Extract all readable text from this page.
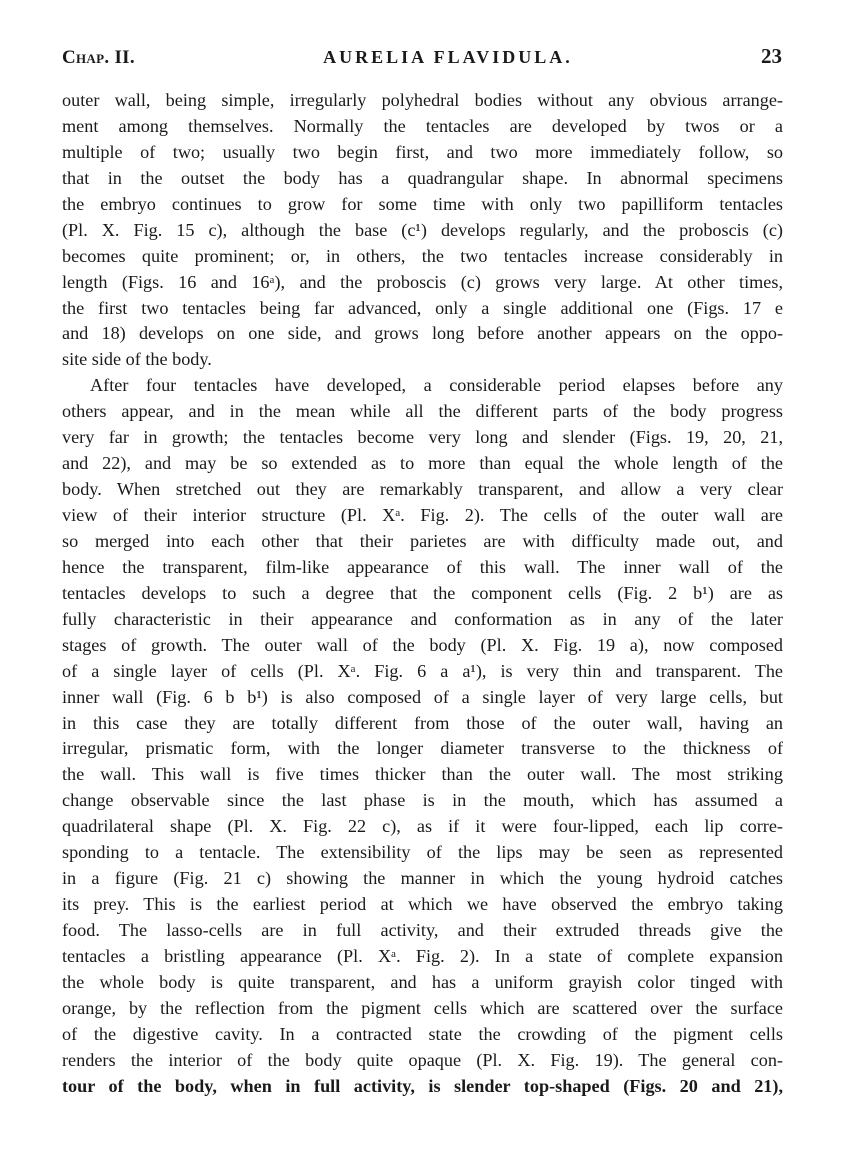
Chap. II.	AURELIA FLAVIDULA.	23
outer wall, being simple, irregularly polyhedral bodies without any obvious arrange-
ment among themselves. Normally the tentacles are developed by twos or a
multiple of two; usually two begin first, and two more immediately follow, so
that in the outset the body has a quadrangular shape. In abnormal specimens
the embryo continues to grow for some time with only two papilliform tentacles
(Pl. X. Fig. 15 c), although the base (c¹) develops regularly, and the proboscis (c)
becomes quite prominent; or, in others, the two tentacles increase considerably in
length (Figs. 16 and 16ᵃ), and the proboscis (c) grows very large. At other times,
the first two tentacles being far advanced, only a single additional one (Figs. 17 e
and 18) develops on one side, and grows long before another appears on the oppo-
site side of the body.
After four tentacles have developed, a considerable period elapses before any
others appear, and in the mean while all the different parts of the body progress
very far in growth; the tentacles become very long and slender (Figs. 19, 20, 21,
and 22), and may be so extended as to more than equal the whole length of the
body. When stretched out they are remarkably transparent, and allow a very clear
view of their interior structure (Pl. Xᵃ. Fig. 2). The cells of the outer wall are
so merged into each other that their parietes are with difficulty made out, and
hence the transparent, film-like appearance of this wall. The inner wall of the
tentacles develops to such a degree that the component cells (Fig. 2 b¹) are as
fully characteristic in their appearance and conformation as in any of the later
stages of growth. The outer wall of the body (Pl. X. Fig. 19 a), now composed
of a single layer of cells (Pl. Xᵃ. Fig. 6 a a¹), is very thin and transparent. The
inner wall (Fig. 6 b b¹) is also composed of a single layer of very large cells, but
in this case they are totally different from those of the outer wall, having an
irregular, prismatic form, with the longer diameter transverse to the thickness of
the wall. This wall is five times thicker than the outer wall. The most striking
change observable since the last phase is in the mouth, which has assumed a
quadrilateral shape (Pl. X. Fig. 22 c), as if it were four-lipped, each lip corre-
sponding to a tentacle. The extensibility of the lips may be seen as represented
in a figure (Fig. 21 c) showing the manner in which the young hydroid catches
its prey. This is the earliest period at which we have observed the embryo taking
food. The lasso-cells are in full activity, and their extruded threads give the
tentacles a bristling appearance (Pl. Xᵃ. Fig. 2). In a state of complete expansion
the whole body is quite transparent, and has a uniform grayish color tinged with
orange, by the reflection from the pigment cells which are scattered over the surface
of the digestive cavity. In a contracted state the crowding of the pigment cells
renders the interior of the body quite opaque (Pl. X. Fig. 19). The general con-
tour of the body, when in full activity, is slender top-shaped (Figs. 20 and 21),
